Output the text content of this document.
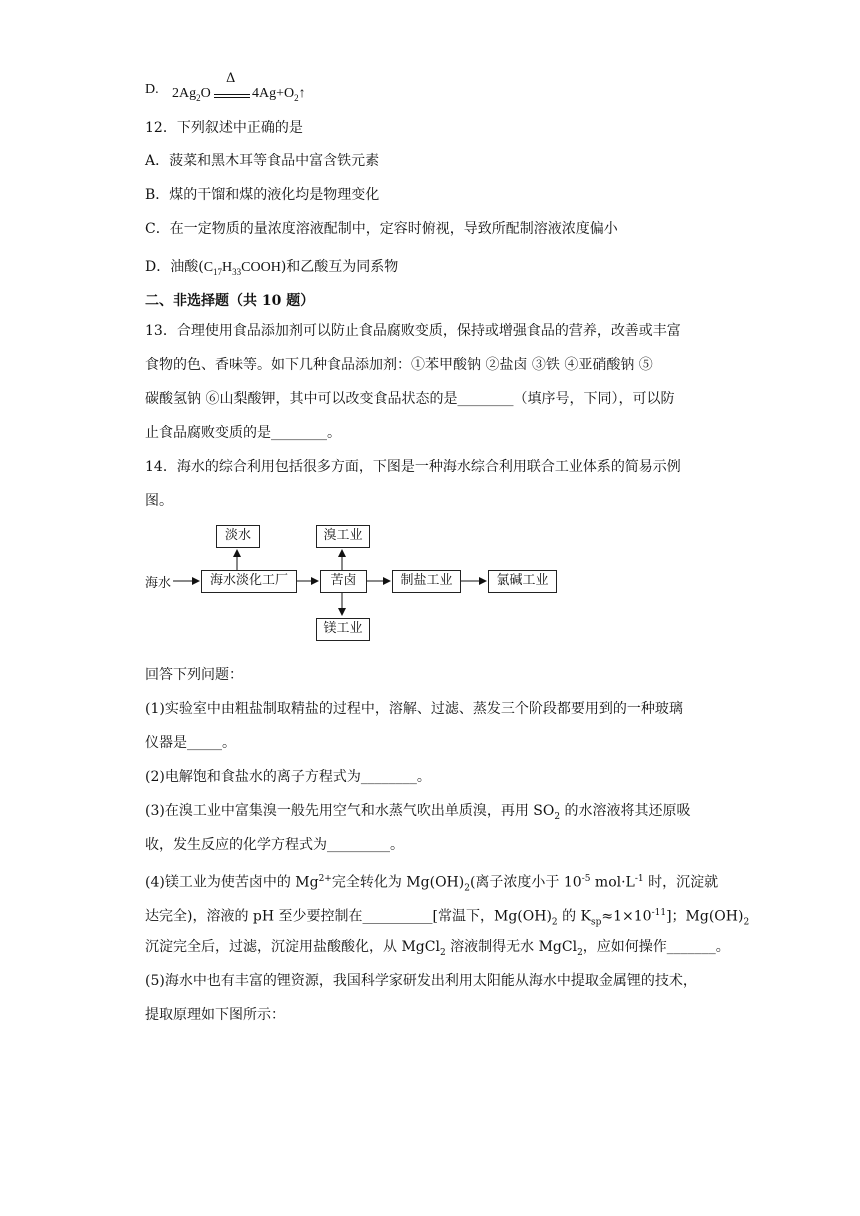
D. $2Ag_2O$
Δ
$4Ag+O_2↑$
12．下列叙述中正确的是
A．菠菜和黑木耳等食品中富含铁元素
B．煤的干馏和煤的液化均是物理变化
C．在一定物质的量浓度溶液配制中，定容时俯视，导致所配制溶液浓度偏小
D．油酸$(C_{17}H_{33}COOH)$和乙酸互为同系物
二、非选择题（共 10 题）
13．合理使用食品添加剂可以防止食品腐败变质，保持或增强食品的营养，改善或丰富
食物的色、香味等。如下几种食品添加剂：①苯甲酸钠 ②盐卤 ③铁 ④亚硝酸钠 ⑤
碳酸氢钠 ⑥山梨酸钾，其中可以改变食品状态的是________（填序号，下同），可以防
止食品腐败变质的是________。
14．海水的综合利用包括很多方面，下图是一种海水综合利用联合工业体系的简易示例
图。
海水	海水淡化工厂
淡水
苦卤
溴工业
镁工业
制盐工业	氯碱工业
回答下列问题：
(1)实验室中由粗盐制取精盐的过程中，溶解、过滤、蒸发三个阶段都要用到的一种玻璃
仪器是_____。
(2)电解饱和食盐水的离子方程式为________。
(3)在溴工业中富集溴一般先用空气和水蒸气吹出单质溴，再用 $SO_2$ 的水溶液将其还原吸
收，发生反应的化学方程式为_________。
(4)镁工业为使苦卤中的 $Mg^{2+}$完全转化为 $Mg(OH)_2$(离子浓度小于 $10^{-5}$ $mol\cdot L^{-1}$ 时，沉淀就
达完全)，溶液的 pH 至少要控制在__________[常温下，$Mg(OH)_2$ 的 $K_{sp}\approx 1\times 10^{-11}$]；$Mg(OH)_2$
沉淀完全后，过滤，沉淀用盐酸酸化，从 MgCl$_2$ 溶液制得无水 MgCl$_2$，应如何操作_______。
(5)海水中也有丰富的锂资源，我国科学家研发出利用太阳能从海水中提取金属锂的技术，
提取原理如下图所示：
